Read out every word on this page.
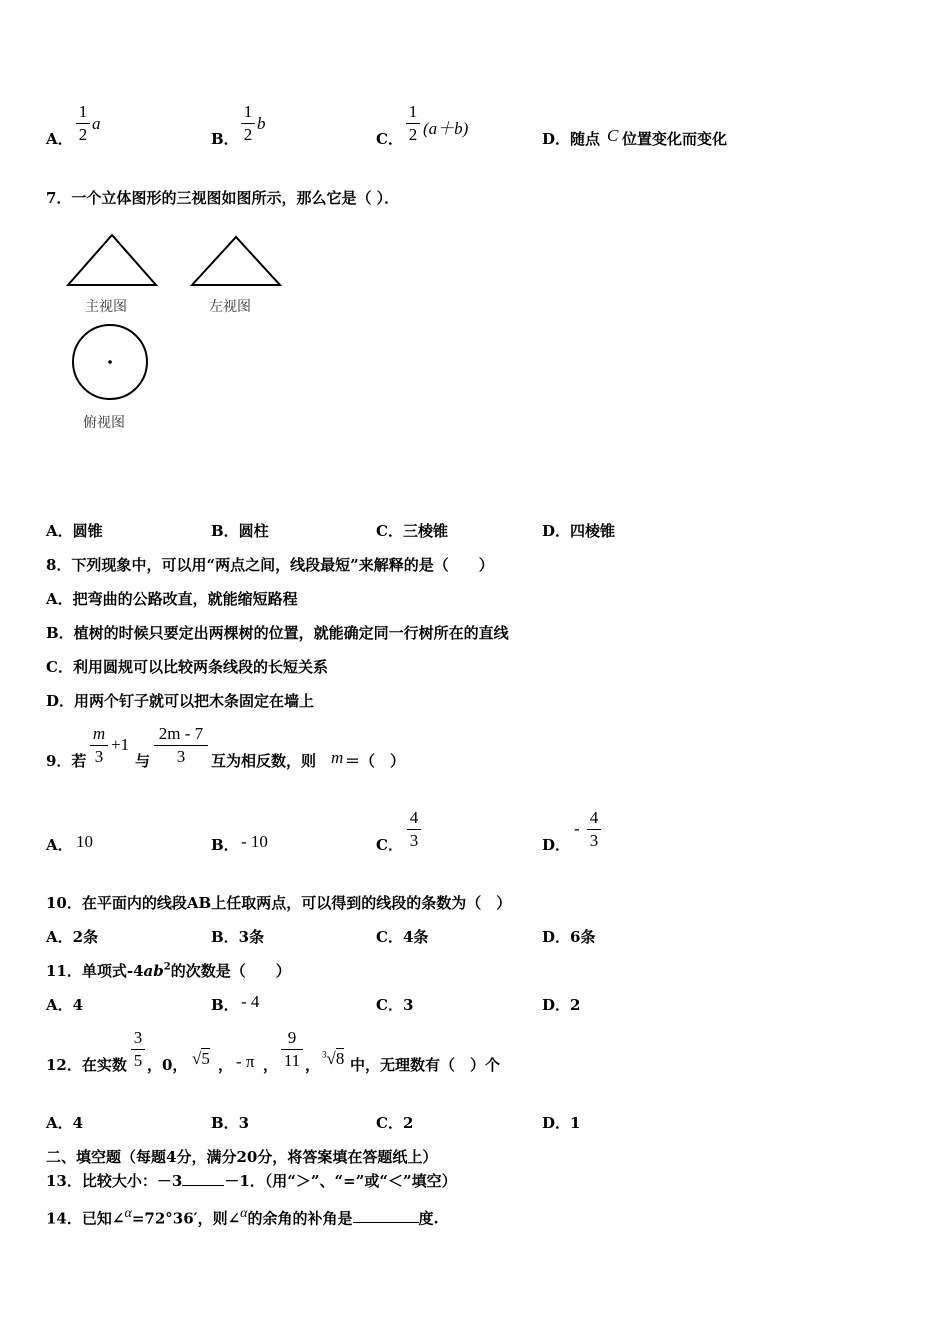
A．
1
2
a
B．
1
2
b
C．
1
2 (a＋b)
D． 随点 C 位置变化而变化
7．一个立体图形的三视图如图所示，那么它是（ ）．
主视图	左视图
俯视图
A．圆锥	B．圆柱	C．三棱锥	D．四棱锥
8．下列现象中，可以用“两点之间，线段最短”来解释的是（　　）
A．把弯曲的公路改直，就能缩短路程
B．植树的时候只要定出两棵树的位置，就能确定同一行树所在的直线
C．利用圆规可以比较两条线段的长短关系
D．用两个钉子就可以把木条固定在墙上
9．若
m
3
+1
与
2m - 7
3	互为相反数，则 m ＝（　）
A． 10	B． - 10	C．
4
3	D．
-
4
3
10．在平面内的线段AB上任取两点，可以得到的线段的条数为（　）
A．2条	B．3条	C．4条	D．6条
11．单项式$-4ab^2$的次数是（　　）
A．4	B． - 4	C．3	D．2
12．在实数
3
5 ，0， √5 ， - π ，
9
11 ，
$^3$√8 中，无理数有（　）个
A．4	B．3	C．2	D．1
二、填空题（每题4分，满分20分，将答案填在答题纸上）
13．比较大小：－3	－1．（用“＞”、“=”或“＜”填空）
14．已知∠$^\alpha$=72°36′，则∠$^\alpha$的余角的补角是	度.
